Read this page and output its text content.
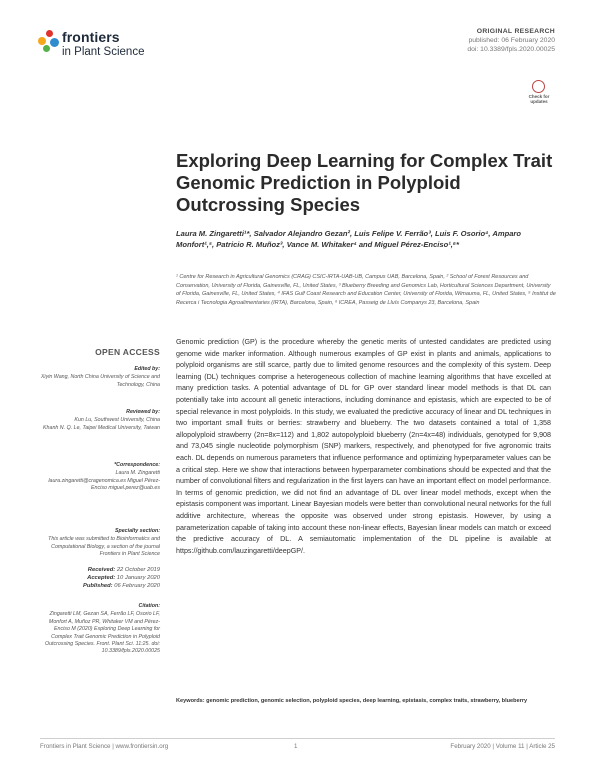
frontiers
in Plant Science
ORIGINAL RESEARCH
published: 06 February 2020
doi: 10.3389/fpls.2020.00025
Check for updates
Exploring Deep Learning for Complex Trait Genomic Prediction in Polyploid Outcrossing Species
Laura M. Zingaretti¹*, Salvador Alejandro Gezan², Luis Felipe V. Ferrão³, Luis F. Osorio⁴, Amparo Monfort¹,⁵, Patricio R. Muñoz³, Vance M. Whitaker⁴ and Miguel Pérez-Enciso¹,⁶*
¹ Centre for Research in Agricultural Genomics (CRAG) CSIC-IRTA-UAB-UB, Campus UAB, Barcelona, Spain, ² School of Forest Resources and Conservation, University of Florida, Gainesville, FL, United States, ³ Blueberry Breeding and Genomics Lab, Horticultural Sciences Department, University of Florida, Gainesville, FL, United States, ⁴ IFAS Gulf Coast Research and Education Center, University of Florida, Wimauma, FL, United States, ⁵ Institut de Recerca i Tecnologia Agroalimentaries (IRTA), Barcelona, Spain, ⁶ ICREA, Passeig de Lluís Companys 23, Barcelona, Spain
OPEN ACCESS
Edited by:
Xiyin Wang, North China University of Science and Technology, China
Reviewed by:
Kun Lu, Southwest University, China
Khanh N. Q. Le, Taipei Medical University, Taiwan
*Correspondence:
Laura M. Zingaretti laura.zingaretti@cragenomica.es Miguel Pérez-Enciso miguel.perez@uab.es
Specialty section:
This article was submitted to Bioinformatics and Computational Biology, a section of the journal Frontiers in Plant Science
Received: 22 October 2019
Accepted: 10 January 2020
Published: 06 February 2020
Citation:
Zingaretti LM, Gezan SA, Ferrão LF, Osorio LF, Monfort A, Muñoz PR, Whitaker VM and Pérez-Enciso M (2020) Exploring Deep Learning for Complex Trait Genomic Prediction in Polyploid Outcrossing Species. Front. Plant Sci. 11:25. doi: 10.3389/fpls.2020.00025
Genomic prediction (GP) is the procedure whereby the genetic merits of untested candidates are predicted using genome wide marker information. Although numerous examples of GP exist in plants and animals, applications to polyploid organisms are still scarce, partly due to limited genome resources and the complexity of this system. Deep learning (DL) techniques comprise a heterogeneous collection of machine learning algorithms that have excelled at many prediction tasks. A potential advantage of DL for GP over standard linear model methods is that DL can potentially take into account all genetic interactions, including dominance and epistasis, which are expected to be of special relevance in most polyploids. In this study, we evaluated the predictive accuracy of linear and DL techniques in two important small fruits or berries: strawberry and blueberry. The two datasets contained a total of 1,358 allopolyploid strawberry (2n=8x=112) and 1,802 autopolyploid blueberry (2n=4x=48) individuals, genotyped for 9,908 and 73,045 single nucleotide polymorphism (SNP) markers, respectively, and phenotyped for five agronomic traits each. DL depends on numerous parameters that influence performance and optimizing hyperparameter values can be a critical step. Here we show that interactions between hyperparameter combinations should be expected and that the number of convolutional filters and regularization in the first layers can have an important effect on model performance. In terms of genomic prediction, we did not find an advantage of DL over linear model methods, except when the epistasis component was important. Linear Bayesian models were better than convolutional neural networks for the full additive architecture, whereas the opposite was observed under strong epistasis. However, by using a parameterization capable of taking into account these non-linear effects, Bayesian linear models can match or exceed the predictive accuracy of DL. A semiautomatic implementation of the DL pipeline is available at https://github.com/lauzingaretti/deepGP/.
Keywords: genomic prediction, genomic selection, polyploid species, deep learning, epistasis, complex traits, strawberry, blueberry
Frontiers in Plant Science | www.frontiersin.org	1	February 2020 | Volume 11 | Article 25
